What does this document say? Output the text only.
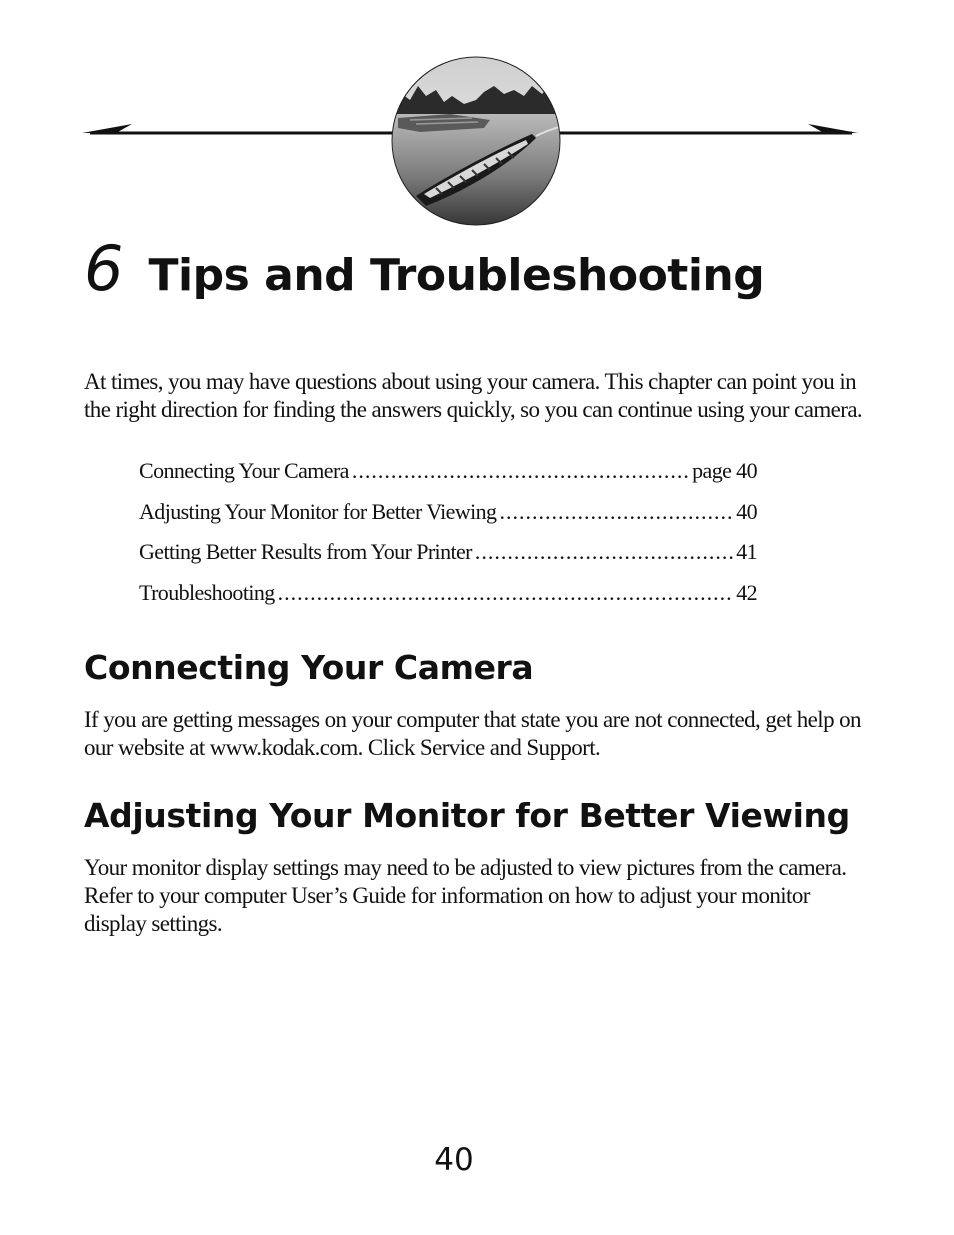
6 Tips and Troubleshooting

At times, you may have questions about using your camera. This chapter can point you in the right direction for finding the answers quickly, so you can continue using your camera.

Connecting Your Camera .....	page 40
Adjusting Your Monitor for Better Viewing .....	40
Getting Better Results from Your Printer .....	41
Troubleshooting .....	42
Connecting Your Camera

If you are getting messages on your computer that state you are not connected, get help on our website at www.kodak.com. Click Service and Support.

Adjusting Your Monitor for Better Viewing

Your monitor display settings may need to be adjusted to view pictures from the camera. Refer to your computer User’s Guide for information on how to adjust your monitor display settings.

40
